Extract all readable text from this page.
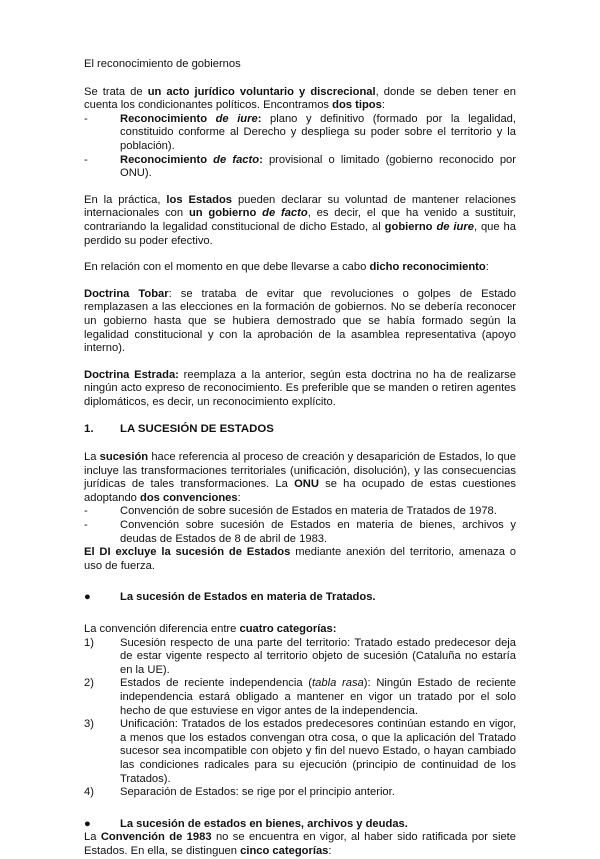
El reconocimiento de gobiernos

Se trata de un acto jurídico voluntario y discrecional, donde se deben tener en cuenta los condicionantes políticos. Encontramos dos tipos:

-	Reconocimiento de iure: plano y definitivo (formado por la legalidad, constituido conforme al Derecho y despliega su poder sobre el territorio y la población).
-	Reconocimiento de facto: provisional o limitado (gobierno reconocido por ONU).

En la práctica, los Estados pueden declarar su voluntad de mantener relaciones internacionales con un gobierno de facto, es decir, el que ha venido a sustituir, contrariando la legalidad constitucional de dicho Estado, al gobierno de iure, que ha perdido su poder efectivo.

En relación con el momento en que debe llevarse a cabo dicho reconocimiento:

Doctrina Tobar: se trataba de evitar que revoluciones o golpes de Estado remplazasen a las elecciones en la formación de gobiernos. No se debería reconocer un gobierno hasta que se hubiera demostrado que se había formado según la legalidad constitucional y con la aprobación de la asamblea representativa (apoyo interno).

Doctrina Estrada: reemplaza a la anterior, según esta doctrina no ha de realizarse ningún acto expreso de reconocimiento. Es preferible que se manden o retiren agentes diplomáticos, es decir, un reconocimiento explícito.

1.	LA SUCESIÓN DE ESTADOS

La sucesión hace referencia al proceso de creación y desaparición de Estados, lo que incluye las transformaciones territoriales (unificación, disolución), y las consecuencias jurídicas de tales transformaciones. La ONU se ha ocupado de estas cuestiones adoptando dos convenciones:

-	Convención de sobre sucesión de Estados en materia de Tratados de 1978.
-	Convención sobre sucesión de Estados en materia de bienes, archivos y deudas de Estados de 8 de abril de 1983.

El DI excluye la sucesión de Estados mediante anexión del territorio, amenaza o uso de fuerza.

●	La sucesión de Estados en materia de Tratados.

La convención diferencia entre cuatro categorías:

1)	Sucesión respecto de una parte del territorio: Tratado estado predecesor deja de estar vigente respecto al territorio objeto de sucesión (Cataluña no estaría en la UE).
2)	Estados de reciente independencia (tabla rasa): Ningún Estado de reciente independencia estará obligado a mantener en vigor un tratado por el solo hecho de que estuviese en vigor antes de la independencia.
3)	Unificación: Tratados de los estados predecesores continúan estando en vigor, a menos que los estados convengan otra cosa, o que la aplicación del Tratado sucesor sea incompatible con objeto y fin del nuevo Estado, o hayan cambiado las condiciones radicales para su ejecución (principio de continuidad de los Tratados).
4)	Separación de Estados: se rige por el principio anterior.
●	La sucesión de estados en bienes, archivos y deudas.

La Convención de 1983 no se encuentra en vigor, al haber sido ratificada por siete Estados. En ella, se distinguen cinco categorías:
